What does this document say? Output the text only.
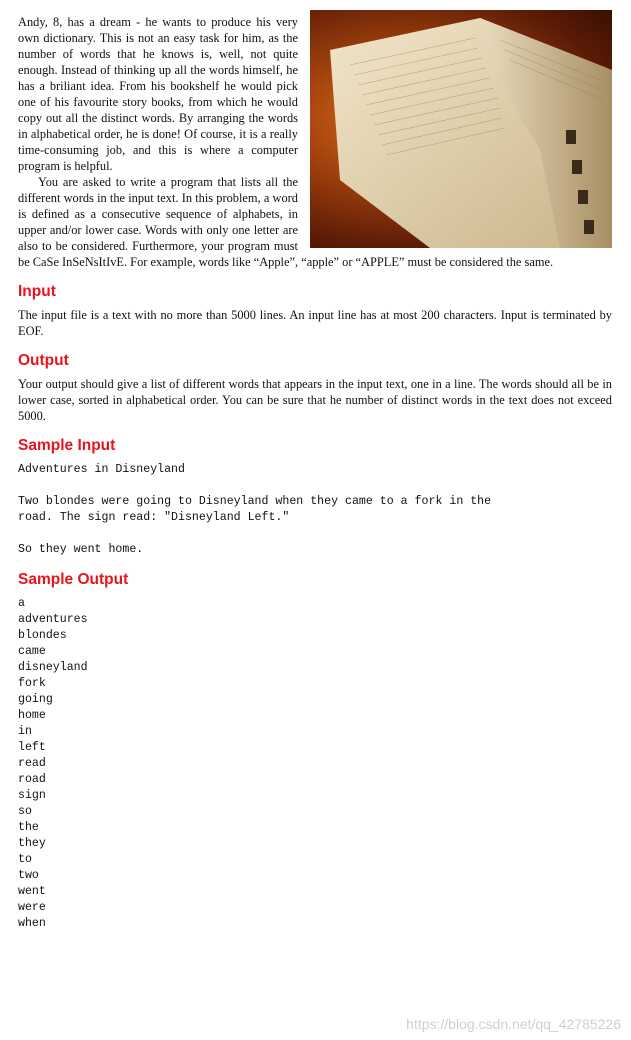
Andy, 8, has a dream - he wants to produce his very own dictionary. This is not an easy task for him, as the number of words that he knows is, well, not quite enough. Instead of thinking up all the words himself, he has a briliant idea. From his bookshelf he would pick one of his favourite story books, from which he would copy out all the distinct words. By arranging the words in alphabetical order, he is done! Of course, it is a really time-consuming job, and this is where a computer program is helpful.

You are asked to write a program that lists all the different words in the input text. In this problem, a word is defined as a consecutive sequence of alphabets, in upper and/or lower case. Words with only one letter are also to be considered. Furthermore, your program must be CaSe InSeNsItIvE. For example, words like “Apple”, “apple” or “APPLE” must be considered the same.

Input

The input file is a text with no more than 5000 lines. An input line has at most 200 characters. Input is terminated by EOF.

Output

Your output should give a list of different words that appears in the input text, one in a line. The words should all be in lower case, sorted in alphabetical order. You can be sure that he number of distinct words in the text does not exceed 5000.

Sample Input
Adventures in Disneyland

Two blondes were going to Disneyland when they came to a fork in the
road. The sign read: "Disneyland Left."

So they went home.
Sample Output
a
adventures
blondes
came
disneyland
fork
going
home
in
left
read
road
sign
so
the
they
to
two
went
were
when
https://blog.csdn.net/qq_42785226
